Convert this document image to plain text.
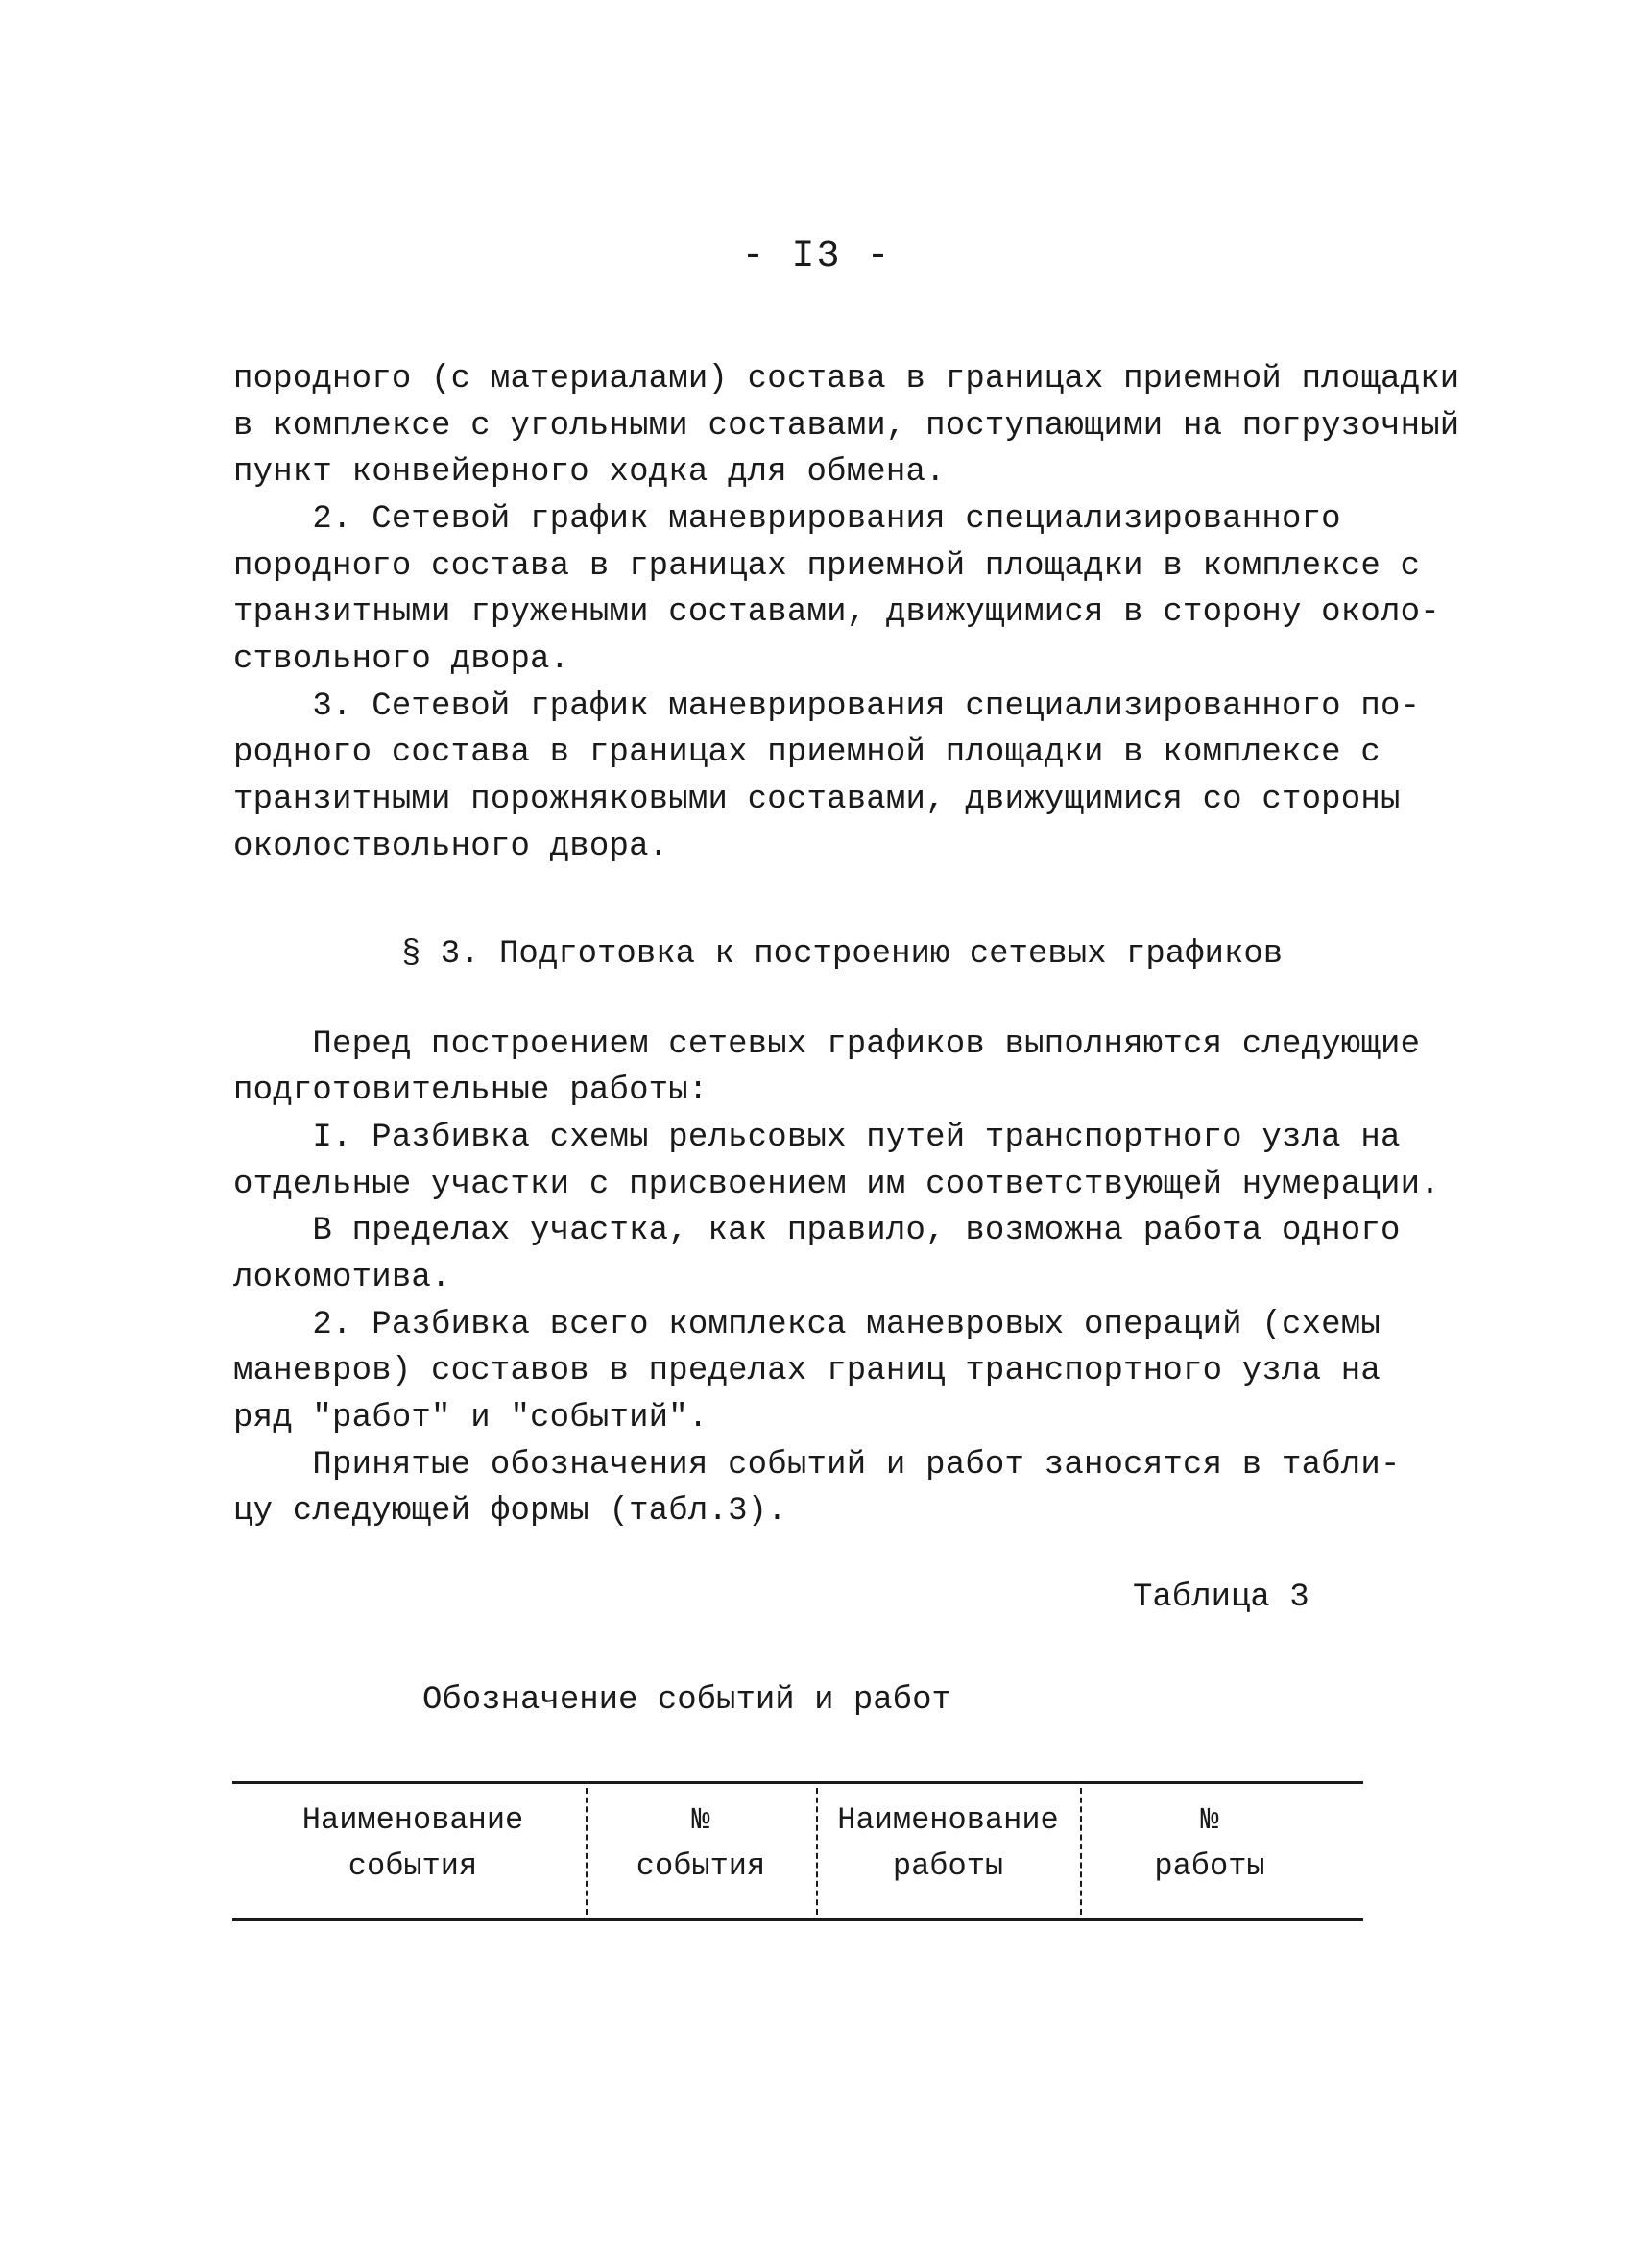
- I3 -
породного (с материалами) состава в границах приемной площадки
в комплексе с угольными составами, поступающими на погрузочный
пункт конвейерного ходка для обмена.
2. Сетевой график маневрирования специализированного
породного состава в границах приемной площадки в комплексе с
транзитными гружеными составами, движущимися в сторону около-
ствольного двора.
3. Сетевой график маневрирования специализированного по-
родного состава в границах приемной площадки в комплексе с
транзитными порожняковыми составами, движущимися со стороны
околоствольного двора.
§ 3. Подготовка к построению сетевых графиков
Перед построением сетевых графиков выполняются следующие
подготовительные работы:
I. Разбивка схемы рельсовых путей транспортного узла на
отдельные участки с присвоением им соответствующей нумерации.
В пределах участка, как правило, возможна работа одного
локомотива.
2. Разбивка всего комплекса маневровых операций (схемы
маневров) составов в пределах границ транспортного узла на
ряд "работ" и "событий".
Принятые обозначения событий и работ заносятся в табли-
цу следующей формы (табл.3).
Таблица 3
Обозначение событий и работ
Наименование
события
№
события
Наименование
работы
№
работы
